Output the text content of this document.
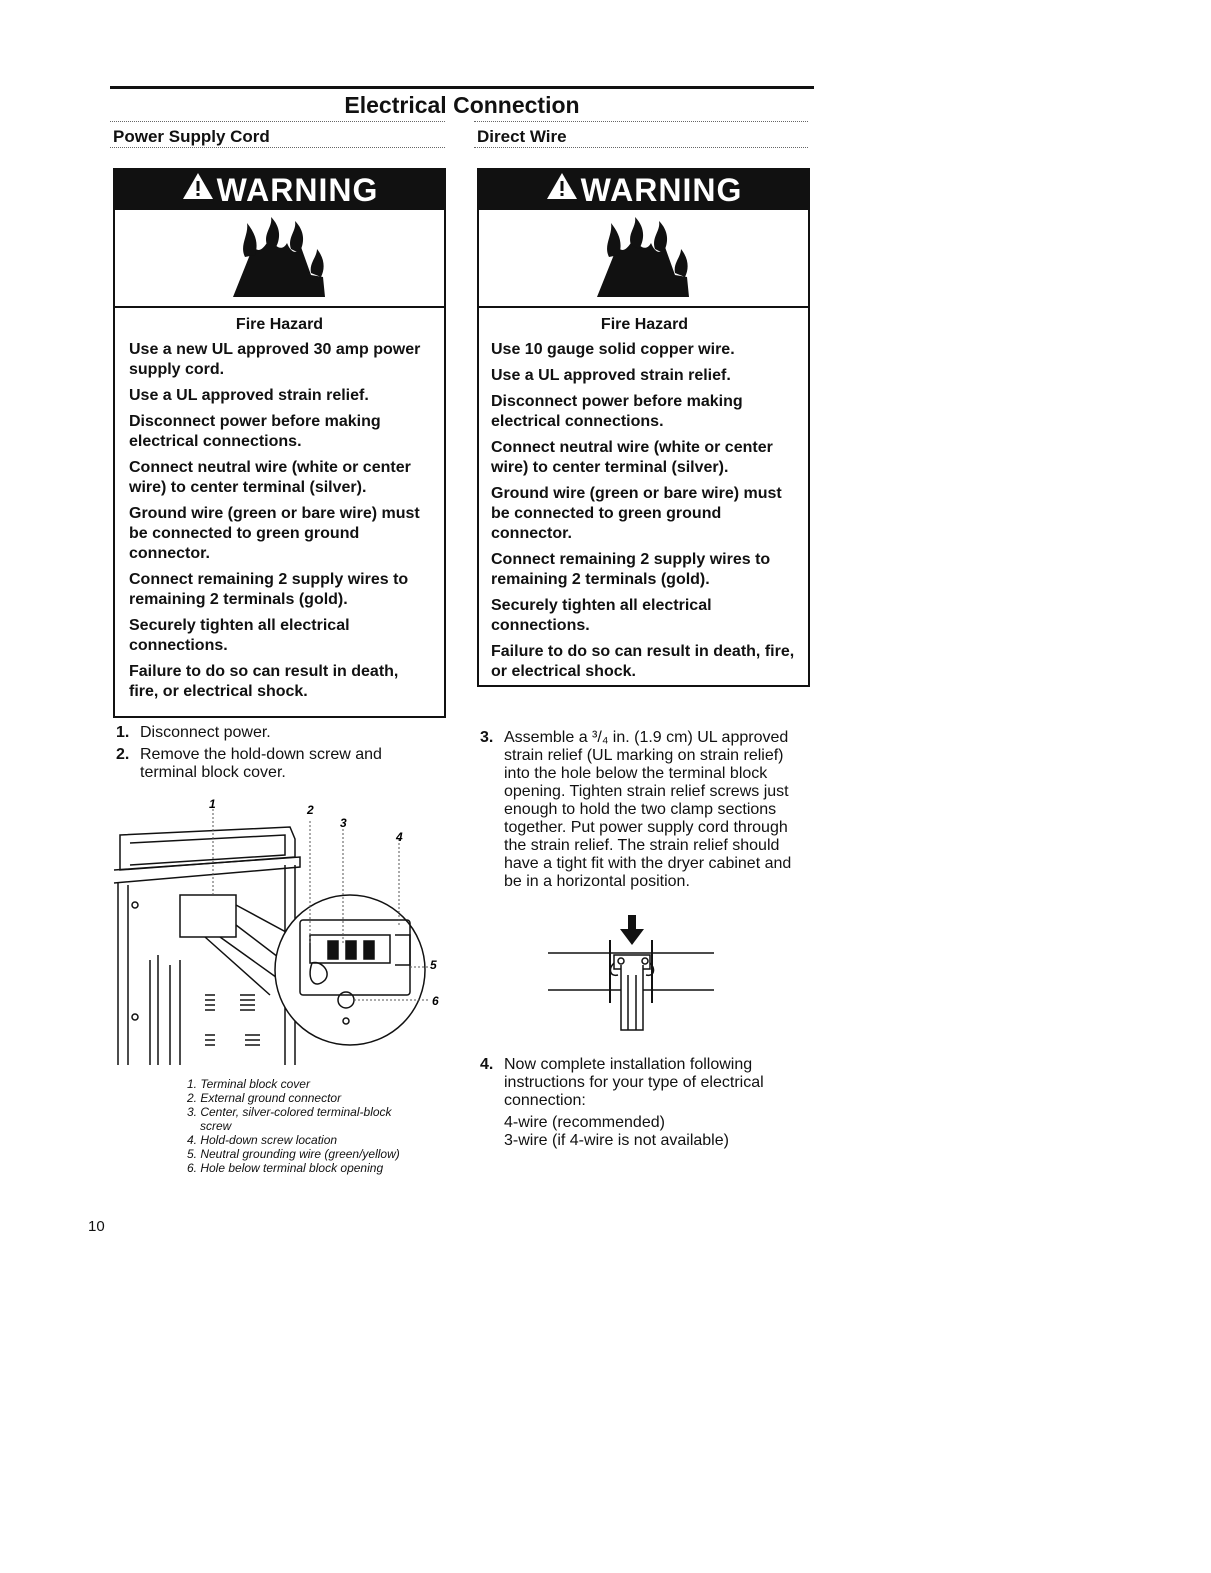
Electrical Connection
Power Supply Cord	Direct Wire
WARNING
Fire Hazard

Use a new UL approved 30 amp power supply cord.

Use a UL approved strain relief.

Disconnect power before making electrical connections.

Connect neutral wire (white or center wire) to center terminal (silver).

Ground wire (green or bare wire) must be connected to green ground connector.

Connect remaining 2 supply wires to remaining 2 terminals (gold).

Securely tighten all electrical connections.

Failure to do so can result in death, fire, or electrical shock.

WARNING
Fire Hazard

Use 10 gauge solid copper wire.

Use a UL approved strain relief.

Disconnect power before making electrical connections.

Connect neutral wire (white or center wire) to center terminal (silver).

Ground wire (green or bare wire) must be connected to green ground connector.

Connect remaining 2 supply wires to remaining 2 terminals (gold).

Securely tighten all electrical connections.

Failure to do so can result in death, fire, or electrical shock.

1. Disconnect power.
2. Remove the hold-down screw and terminal block cover.
1	2
3
4
5
6
1. Terminal block cover
2. External ground connector
3. Center, silver-colored terminal-block
screw
4. Hold-down screw location
5. Neutral grounding wire (green/yellow)
6. Hole below terminal block opening
3. Assemble a ³/₄ in. (1.9 cm) UL approved strain relief (UL marking on strain relief) into the hole below the terminal block opening. Tighten strain relief screws just enough to hold the two clamp sections together. Put power supply cord through the strain relief. The strain relief should have a tight fit with the dryer cabinet and be in a horizontal position.
4. Now complete installation following instructions for your type of electrical connection:
4-wire (recommended)
3-wire (if 4-wire is not available)
10
